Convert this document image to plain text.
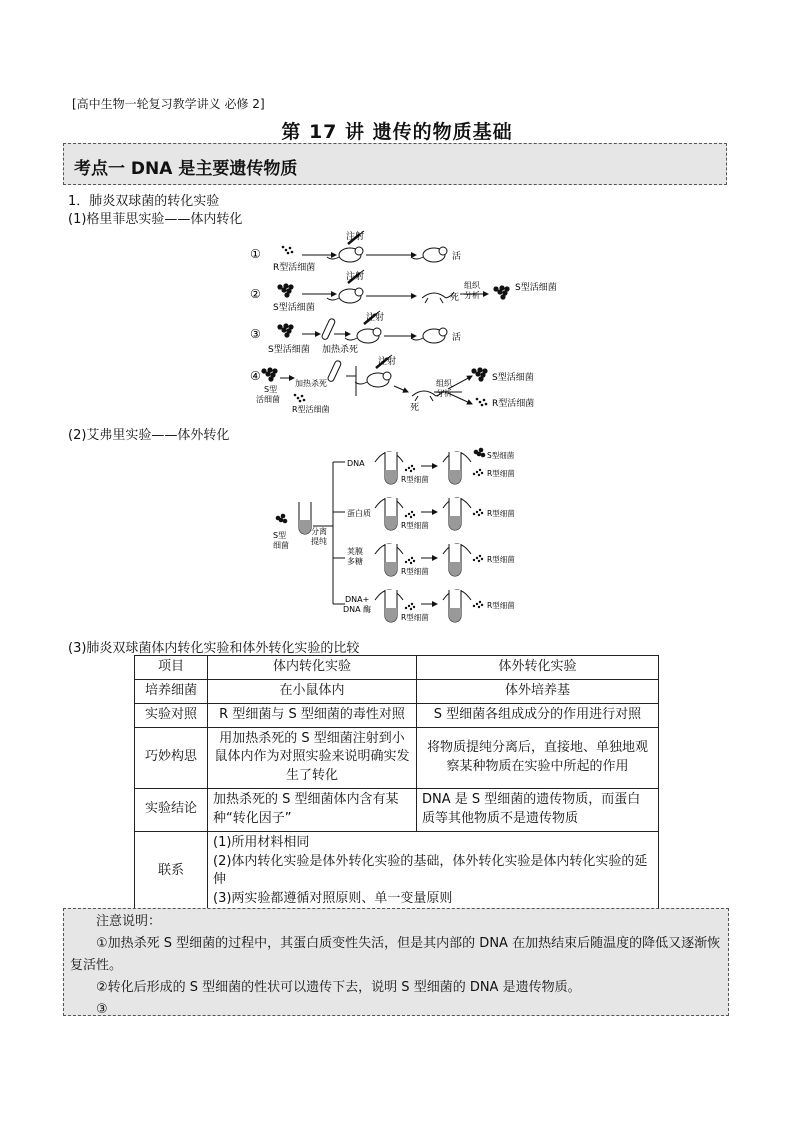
[高中生物一轮复习教学讲义 必修 2]
第 17 讲 遗传的物质基础
考点一 DNA 是主要遗传物质
1．肺炎双球菌的转化实验
(1)格里菲思实验——体内转化
①
R型活细菌
注射
活
②
S型活细菌
注射
死
组织分析
S型活细菌
③
S型活细菌 加热杀死
注射
活
④
S型活细菌
加热杀死
R型活细菌
注射
死
组织分析
S型活细菌
R型活细菌
(2)艾弗里实验——体外转化
S型细菌
分离提纯
DNA
R型细菌
S型细菌
R型细菌
蛋白质
R型细菌
R型细菌
荚膜多糖
R型细菌
R型细菌
DNA+ DNA 酶
R型细菌
R型细菌
(3)肺炎双球菌体内转化实验和体外转化实验的比较
项目	体内转化实验	体外转化实验
培养细菌	在小鼠体内	体外培养基
实验对照	R 型细菌与 S 型细菌的毒性对照	S 型细菌各组成成分的作用进行对照
巧妙构思	用加热杀死的 S 型细菌注射到小鼠体内作为对照实验来说明确实发生了转化	将物质提纯分离后，直接地、单独地观察某种物质在实验中所起的作用
实验结论	加热杀死的 S 型细菌体内含有某种“转化因子”	DNA 是 S 型细菌的遗传物质，而蛋白质等其他物质不是遗传物质
联系	(1)所用材料相同
(2)体内转化实验是体外转化实验的基础，体外转化实验是体内转化实验的延伸
(3)两实验都遵循对照原则、单一变量原则	
注意说明：
①加热杀死 S 型细菌的过程中，其蛋白质变性失活，但是其内部的 DNA 在加热结束后随温度的降低又逐渐恢复活性。
②转化后形成的 S 型细菌的性状可以遗传下去，说明 S 型细菌的 DNA 是遗传物质。
③
